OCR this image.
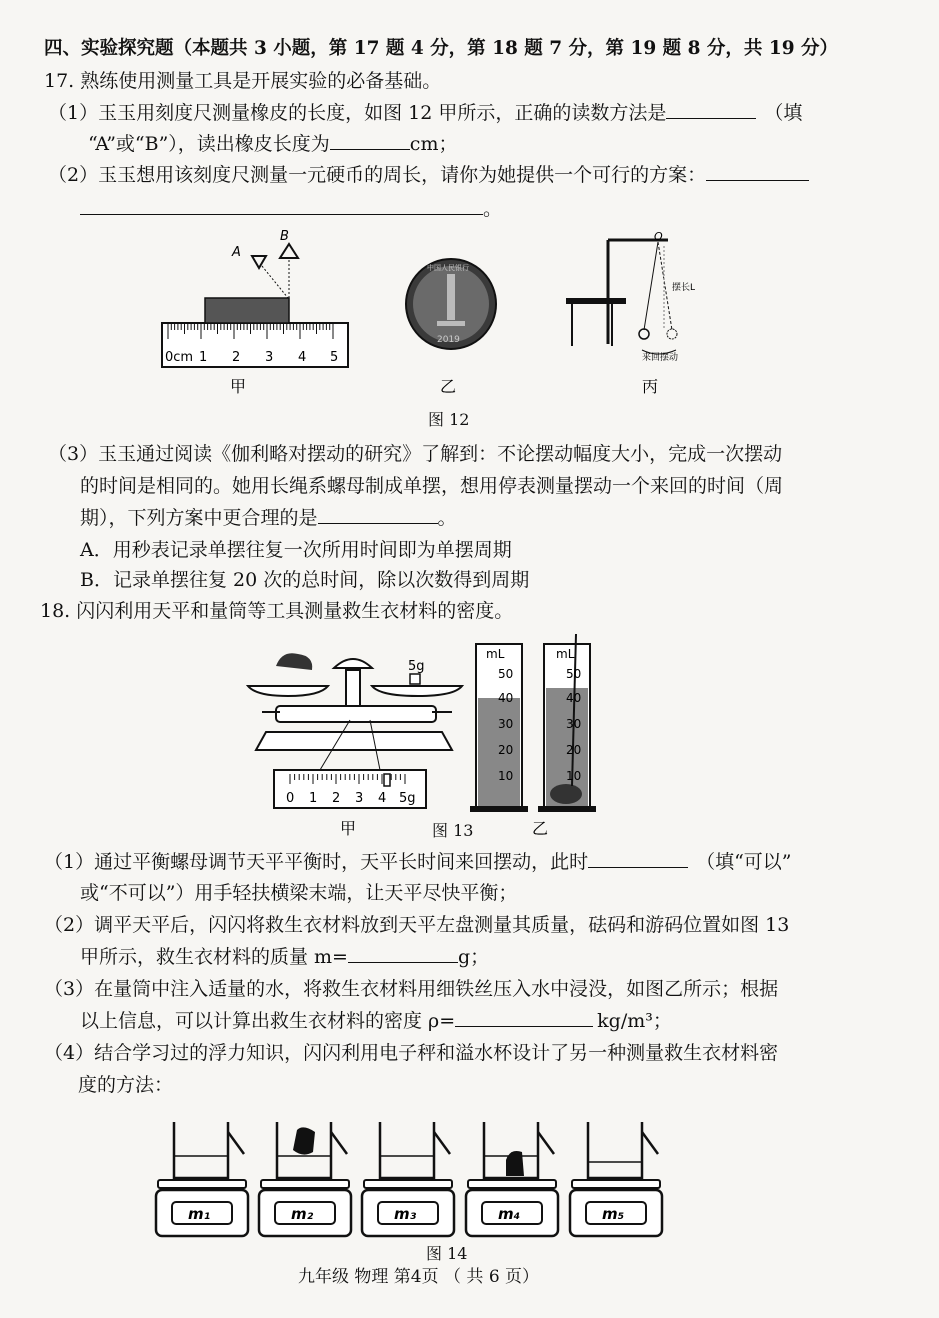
四、实验探究题（本题共 3 小题，第 17 题 4 分，第 18 题 7 分，第 19 题 8 分，共 19 分）
17. 熟练使用测量工具是开展实验的必备基础。
（1）玉玉用刻度尺测量橡皮的长度，如图 12 甲所示，正确的读数方法是	（填
“A”或“B”），读出橡皮长度为	cm；
（2）玉玉想用该刻度尺测量一元硬币的周长，请你为她提供一个可行的方案：
。
0cm 1 2 3 4 5
A
B
甲
2019
中国人民银行
乙
O
摆长L
来回摆动
丙
图 12
（3）玉玉通过阅读《伽利略对摆动的研究》了解到：不论摆动幅度大小，完成一次摆动
的时间是相同的。她用长绳系螺母制成单摆，想用停表测量摆动一个来回的时间（周
期），下列方案中更合理的是	。
A．用秒表记录单摆往复一次所用时间即为单摆周期
B．记录单摆往复 20 次的总时间，除以次数得到周期
18. 闪闪利用天平和量筒等工具测量救生衣材料的密度。
5g
0 1 2 3 4 5g
甲
mL
50
40
30
20
10
mL
50
40
30
20
10
乙
图 13
（1）通过平衡螺母调节天平平衡时，天平长时间来回摆动，此时	（填“可以”
或“不可以”）用手轻扶横梁末端，让天平尽快平衡；
（2）调平天平后，闪闪将救生衣材料放到天平左盘测量其质量，砝码和游码位置如图 13
甲所示，救生衣材料的质量 m=	g；
（3）在量筒中注入适量的水，将救生衣材料用细铁丝压入水中浸没，如图乙所示；根据
以上信息，可以计算出救生衣材料的密度 ρ=	kg/m³；
（4）结合学习过的浮力知识，闪闪利用电子秤和溢水杯设计了另一种测量救生衣材料密
度的方法：
m₁	m₂	m₃	m₄	m₅
图 14
九年级 物理 第4页 （ 共 6 页）
